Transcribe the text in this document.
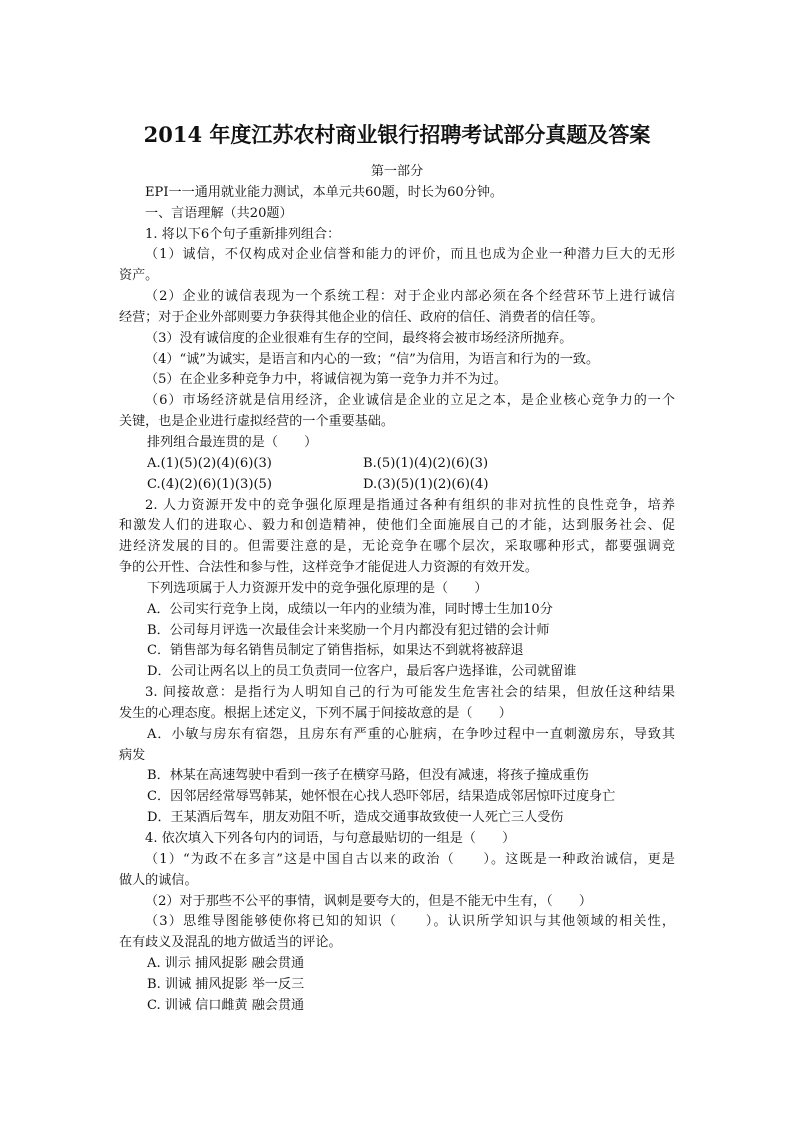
2014 年度江苏农村商业银行招聘考试部分真题及答案
第一部分
EPI一一通用就业能力测试，本单元共60题，时长为60分钟。
一、言语理解（共20题）
1. 将以下6个句子重新排列组合：
（1）诚信，不仅构成对企业信誉和能力的评价，而且也成为企业一种潜力巨大的无形
资产。
（2）企业的诚信表现为一个系统工程：对于企业内部必须在各个经营环节上进行诚信
经营；对于企业外部则要力争获得其他企业的信任、政府的信任、消费者的信任等。
（3）没有诚信度的企业很难有生存的空间，最终将会被市场经济所抛弃。
（4）“诚”为诚实，是语言和内心的一致；“信”为信用，为语言和行为的一致。
（5）在企业多种竞争力中，将诚信视为第一竞争力并不为过。
（6）市场经济就是信用经济，企业诚信是企业的立足之本，是企业核心竞争力的一个
关键，也是企业进行虚拟经营的一个重要基础。
排列组合最连贯的是（　　）
A.(1)(5)(2)(4)(6)(3)	B.(5)(1)(4)(2)(6)(3)
C.(4)(2)(6)(1)(3)(5)	D.(3)(5)(1)(2)(6)(4)
2. 人力资源开发中的竞争强化原理是指通过各种有组织的非对抗性的良性竞争，培养
和激发人们的进取心、毅力和创造精神，使他们全面施展自己的才能，达到服务社会、促
进经济发展的目的。但需要注意的是，无论竞争在哪个层次，采取哪种形式，都要强调竞
争的公开性、合法性和参与性，这样竞争才能促进人力资源的有效开发。
下列选项属于人力资源开发中的竞争强化原理的是（　　）
A．公司实行竞争上岗，成绩以一年内的业绩为准，同时博士生加10分
B．公司每月评选一次最佳会计来奖励一个月内都没有犯过错的会计师
C．销售部为每名销售员制定了销售指标，如果达不到就将被辞退
D．公司让两名以上的员工负责同一位客户，最后客户选择谁，公司就留谁
3. 间接故意：是指行为人明知自己的行为可能发生危害社会的结果，但放任这种结果
发生的心理态度。根据上述定义，下列不属于间接故意的是（　　）
A．小敏与房东有宿怨，且房东有严重的心脏病，在争吵过程中一直刺激房东，导致其
病发
B．林某在高速驾驶中看到一孩子在横穿马路，但没有减速，将孩子撞成重伤
C．因邻居经常辱骂韩某，她怀恨在心找人恐吓邻居，结果造成邻居惊吓过度身亡
D．王某酒后驾车，朋友劝阻不听，造成交通事故致使一人死亡三人受伤
4. 依次填入下列各句内的词语，与句意最贴切的一组是（　　）
（1）“为政不在多言”这是中国自古以来的政治（　　）。这既是一种政治诚信，更是
做人的诚信。
（2）对于那些不公平的事情，讽刺是要夸大的，但是不能无中生有，（　　）
（3）思维导图能够使你将已知的知识（　　）。认识所学知识与其他领域的相关性，
在有歧义及混乱的地方做适当的评论。
A. 训示 捕风捉影 融会贯通
B. 训诫 捕风捉影 举一反三
C. 训诫 信口雌黄 融会贯通
